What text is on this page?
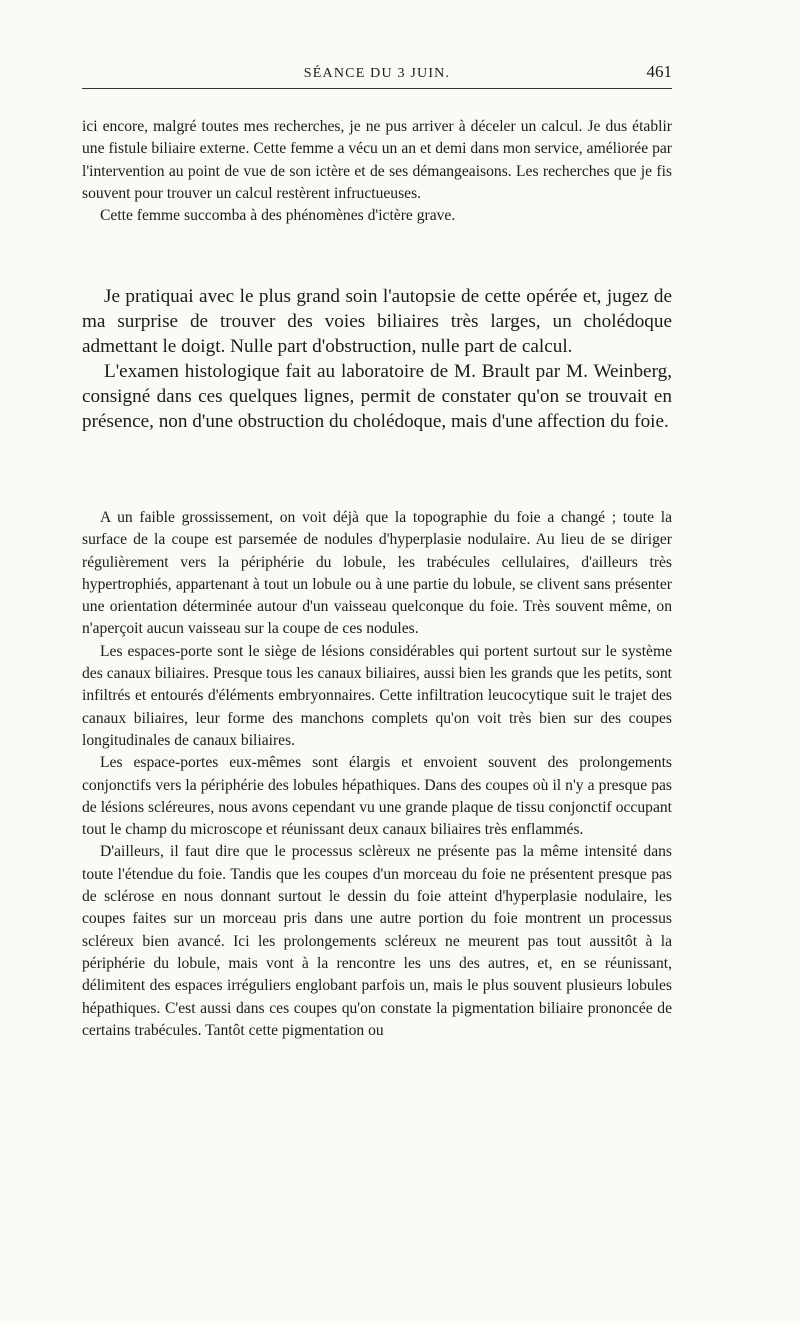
SÉANCE DU 3 JUIN.	461

ici encore, malgré toutes mes recherches, je ne pus arriver à déceler un calcul. Je dus établir une fistule biliaire externe. Cette femme a vécu un an et demi dans mon service, améliorée par l'intervention au point de vue de son ictère et de ses démangeaisons. Les recherches que je fis souvent pour trouver un calcul restèrent infructueuses.

Cette femme succomba à des phénomènes d'ictère grave.

Je pratiquai avec le plus grand soin l'autopsie de cette opérée et, jugez de ma surprise de trouver des voies biliaires très larges, un cholédoque admettant le doigt. Nulle part d'obstruction, nulle part de calcul.

L'examen histologique fait au laboratoire de M. Brault par M. Weinberg, consigné dans ces quelques lignes, permit de constater qu'on se trouvait en présence, non d'une obstruction du cholédoque, mais d'une affection du foie.

A un faible grossissement, on voit déjà que la topographie du foie a changé ; toute la surface de la coupe est parsemée de nodules d'hyperplasie nodulaire. Au lieu de se diriger régulièrement vers la périphérie du lobule, les trabécules cellulaires, d'ailleurs très hypertrophiés, appartenant à tout un lobule ou à une partie du lobule, se clivent sans présenter une orientation déterminée autour d'un vaisseau quelconque du foie. Très souvent même, on n'aperçoit aucun vaisseau sur la coupe de ces nodules.

Les espaces-porte sont le siège de lésions considérables qui portent surtout sur le système des canaux biliaires. Presque tous les canaux biliaires, aussi bien les grands que les petits, sont infiltrés et entourés d'éléments embryonnaires. Cette infiltration leucocytique suit le trajet des canaux biliaires, leur forme des manchons complets qu'on voit très bien sur des coupes longitudinales de canaux biliaires.

Les espace-portes eux-mêmes sont élargis et envoient souvent des prolongements conjonctifs vers la périphérie des lobules hépathiques. Dans des coupes où il n'y a presque pas de lésions scléreures, nous avons cependant vu une grande plaque de tissu conjonctif occupant tout le champ du microscope et réunissant deux canaux biliaires très enflammés.

D'ailleurs, il faut dire que le processus sclèreux ne présente pas la même intensité dans toute l'étendue du foie. Tandis que les coupes d'un morceau du foie ne présentent presque pas de sclérose en nous donnant surtout le dessin du foie atteint d'hyperplasie nodulaire, les coupes faites sur un morceau pris dans une autre portion du foie montrent un processus scléreux bien avancé. Ici les prolongements scléreux ne meurent pas tout aussitôt à la périphérie du lobule, mais vont à la rencontre les uns des autres, et, en se réunissant, délimitent des espaces irréguliers englobant parfois un, mais le plus souvent plusieurs lobules hépathiques. C'est aussi dans ces coupes qu'on constate la pigmentation biliaire prononcée de certains trabécules. Tantôt cette pigmentation ou
